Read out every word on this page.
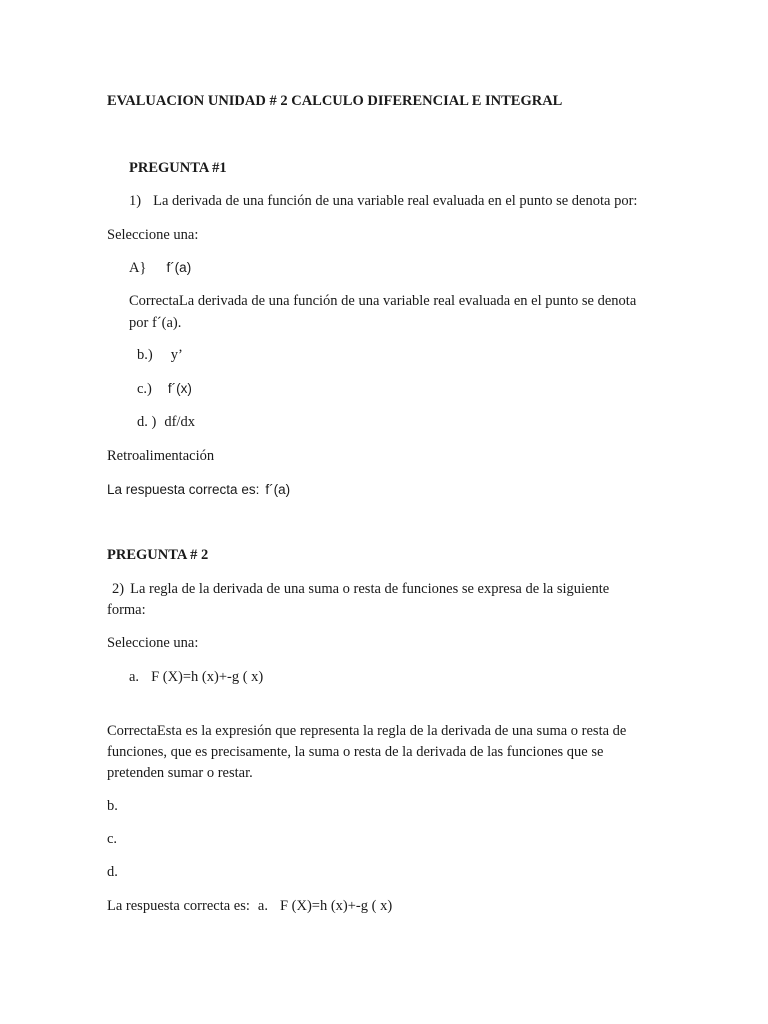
EVALUACION UNIDAD # 2 CALCULO DIFERENCIAL E INTEGRAL
PREGUNTA #1
1) La derivada de una función de una variable real evaluada en el punto se denota por:
Seleccione una:
A} f´(a)
CorrectaLa derivada de una función de una variable real evaluada en el punto se denota
por f´(a).
b.) y’
c.) f´(x)
d. ) df/dx
Retroalimentación
La respuesta correcta es: f´(a)
PREGUNTA # 2
2) La regla de la derivada de una suma o resta de funciones se expresa de la siguiente
forma:
Seleccione una:
a. F (X)=h (x)+-g ( x)
CorrectaEsta es la expresión que representa la regla de la derivada de una suma o resta de
funciones, que es precisamente, la suma o resta de la derivada de las funciones que se
pretenden sumar o restar.
b.
c.
d.
La respuesta correcta es: a. F (X)=h (x)+-g ( x)
